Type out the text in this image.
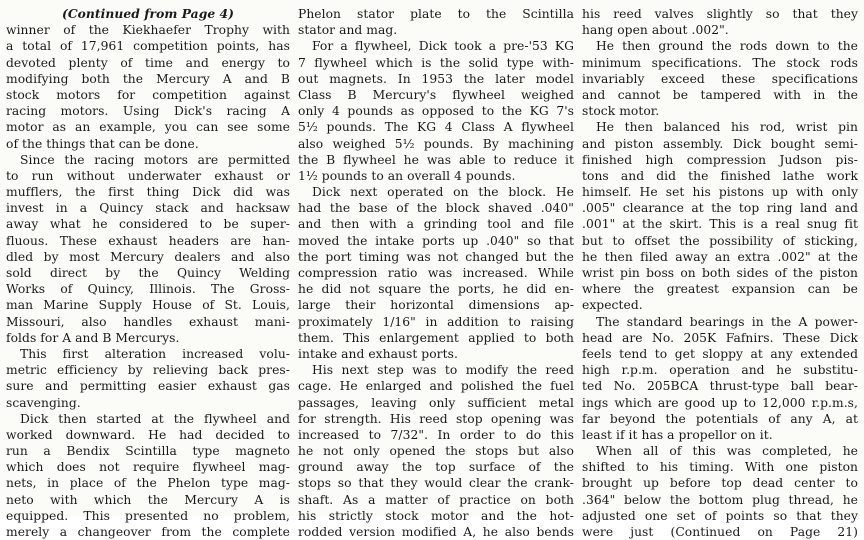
(Continued from Page 4)
winner of the Kiekhaefer Trophy with
a total of 17,961 competition points, has
devoted plenty of time and energy to
modifying both the Mercury A and B
stock motors for competition against
racing motors. Using Dick's racing A
motor as an example, you can see some
of the things that can be done.
Since the racing motors are permitted
to run without underwater exhaust or
mufflers, the first thing Dick did was
invest in a Quincy stack and hacksaw
away what he considered to be super-
fluous. These exhaust headers are han-
dled by most Mercury dealers and also
sold direct by the Quincy Welding
Works of Quincy, Illinois. The Gross-
man Marine Supply House of St. Louis,
Missouri, also handles exhaust mani-
folds for A and B Mercurys.
This first alteration increased volu-
metric efficiency by relieving back pres-
sure and permitting easier exhaust gas
scavenging.
Dick then started at the flywheel and
worked downward. He had decided to
run a Bendix Scintilla type magneto
which does not require flywheel mag-
nets, in place of the Phelon type mag-
neto with which the Mercury A is
equipped. This presented no problem,
merely a changeover from the complete
Phelon stator plate to the Scintilla
stator and mag.
For a flywheel, Dick took a pre-'53 KG
7 flywheel which is the solid type with-
out magnets. In 1953 the later model
Class B Mercury's flywheel weighed
only 4 pounds as opposed to the KG 7's
5½ pounds. The KG 4 Class A flywheel
also weighed 5½ pounds. By machining
the B flywheel he was able to reduce it
1½ pounds to an overall 4 pounds.
Dick next operated on the block. He
had the base of the block shaved .040"
and then with a grinding tool and file
moved the intake ports up .040" so that
the port timing was not changed but the
compression ratio was increased. While
he did not square the ports, he did en-
large their horizontal dimensions ap-
proximately 1/16" in addition to raising
them. This enlargement applied to both
intake and exhaust ports.
His next step was to modify the reed
cage. He enlarged and polished the fuel
passages, leaving only sufficient metal
for strength. His reed stop opening was
increased to 7/32". In order to do this
he not only opened the stops but also
ground away the top surface of the
stops so that they would clear the crank-
shaft. As a matter of practice on both
his strictly stock motor and the hot-
rodded version modified A, he also bends
his reed valves slightly so that they
hang open about .002".
He then ground the rods down to the
minimum specifications. The stock rods
invariably exceed these specifications
and cannot be tampered with in the
stock motor.
He then balanced his rod, wrist pin
and piston assembly. Dick bought semi-
finished high compression Judson pis-
tons and did the finished lathe work
himself. He set his pistons up with only
.005" clearance at the top ring land and
.001" at the skirt. This is a real snug fit
but to offset the possibility of sticking,
he then filed away an extra .002" at the
wrist pin boss on both sides of the piston
where the greatest expansion can be
expected.
The standard bearings in the A power-
head are No. 205K Fafnirs. These Dick
feels tend to get sloppy at any extended
high r.p.m. operation and he substitu-
ted No. 205BCA thrust-type ball bear-
ings which are good up to 12,000 r.p.m.s,
far beyond the potentials of any A, at
least if it has a propellor on it.
When all of this was completed, he
shifted to his timing. With one piston
brought up before top dead center to
.364" below the bottom plug thread, he
adjusted one set of points so that they
were just (Continued on Page 21)
